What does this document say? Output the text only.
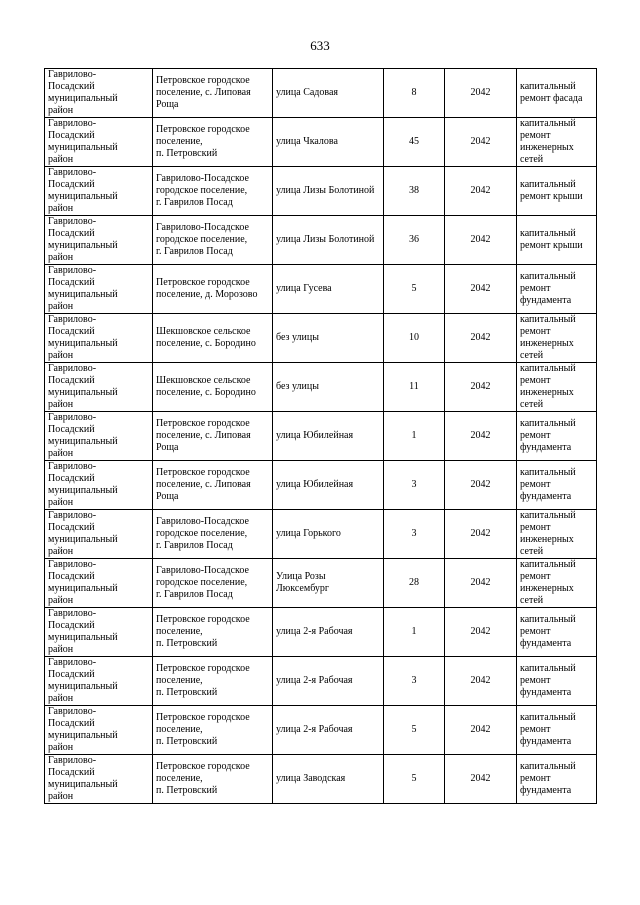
633
Гаврилово-
Посадский
муниципальный
район	Петровское городское
поселение, с. Липовая
Роща	улица Садовая	8	2042	капитальный
ремонт фасада

Гаврилово-
Посадский
муниципальный
район	Петровское городское
поселение,
п. Петровский	улица Чкалова	45	2042	капитальный
ремонт
инженерных
сетей

Гаврилово-
Посадский
муниципальный
район	Гаврилово-Посадское
городское поселение,
г. Гаврилов Посад	улица Лизы Болотиной	38	2042	капитальный
ремонт крыши

Гаврилово-
Посадский
муниципальный
район	Гаврилово-Посадское
городское поселение,
г. Гаврилов Посад	улица Лизы Болотиной	36	2042	капитальный
ремонт крыши

Гаврилово-
Посадский
муниципальный
район	Петровское городское
поселение, д. Морозово	улица Гусева	5	2042	капитальный
ремонт
фундамента

Гаврилово-
Посадский
муниципальный
район	Шекшовское сельское
поселение, с. Бородино	без улицы	10	2042	капитальный
ремонт
инженерных
сетей

Гаврилово-
Посадский
муниципальный
район	Шекшовское сельское
поселение, с. Бородино	без улицы	11	2042	капитальный
ремонт
инженерных
сетей

Гаврилово-
Посадский
муниципальный
район	Петровское городское
поселение, с. Липовая
Роща	улица Юбилейная	1	2042	капитальный
ремонт
фундамента

Гаврилово-
Посадский
муниципальный
район	Петровское городское
поселение, с. Липовая
Роща	улица Юбилейная	3	2042	капитальный
ремонт
фундамента

Гаврилово-
Посадский
муниципальный
район	Гаврилово-Посадское
городское поселение,
г. Гаврилов Посад	улица Горького	3	2042	капитальный
ремонт
инженерных
сетей

Гаврилово-
Посадский
муниципальный
район	Гаврилово-Посадское
городское поселение,
г. Гаврилов Посад	Улица Розы
Люксембург	28	2042	капитальный
ремонт
инженерных
сетей

Гаврилово-
Посадский
муниципальный
район	Петровское городское
поселение,
п. Петровский	улица 2-я Рабочая	1	2042	капитальный
ремонт
фундамента

Гаврилово-
Посадский
муниципальный
район	Петровское городское
поселение,
п. Петровский	улица 2-я Рабочая	3	2042	капитальный
ремонт
фундамента

Гаврилово-
Посадский
муниципальный
район	Петровское городское
поселение,
п. Петровский	улица 2-я Рабочая	5	2042	капитальный
ремонт
фундамента

Гаврилово-
Посадский
муниципальный
район	Петровское городское
поселение,
п. Петровский	улица Заводская	5	2042	капитальный
ремонт
фундамента
